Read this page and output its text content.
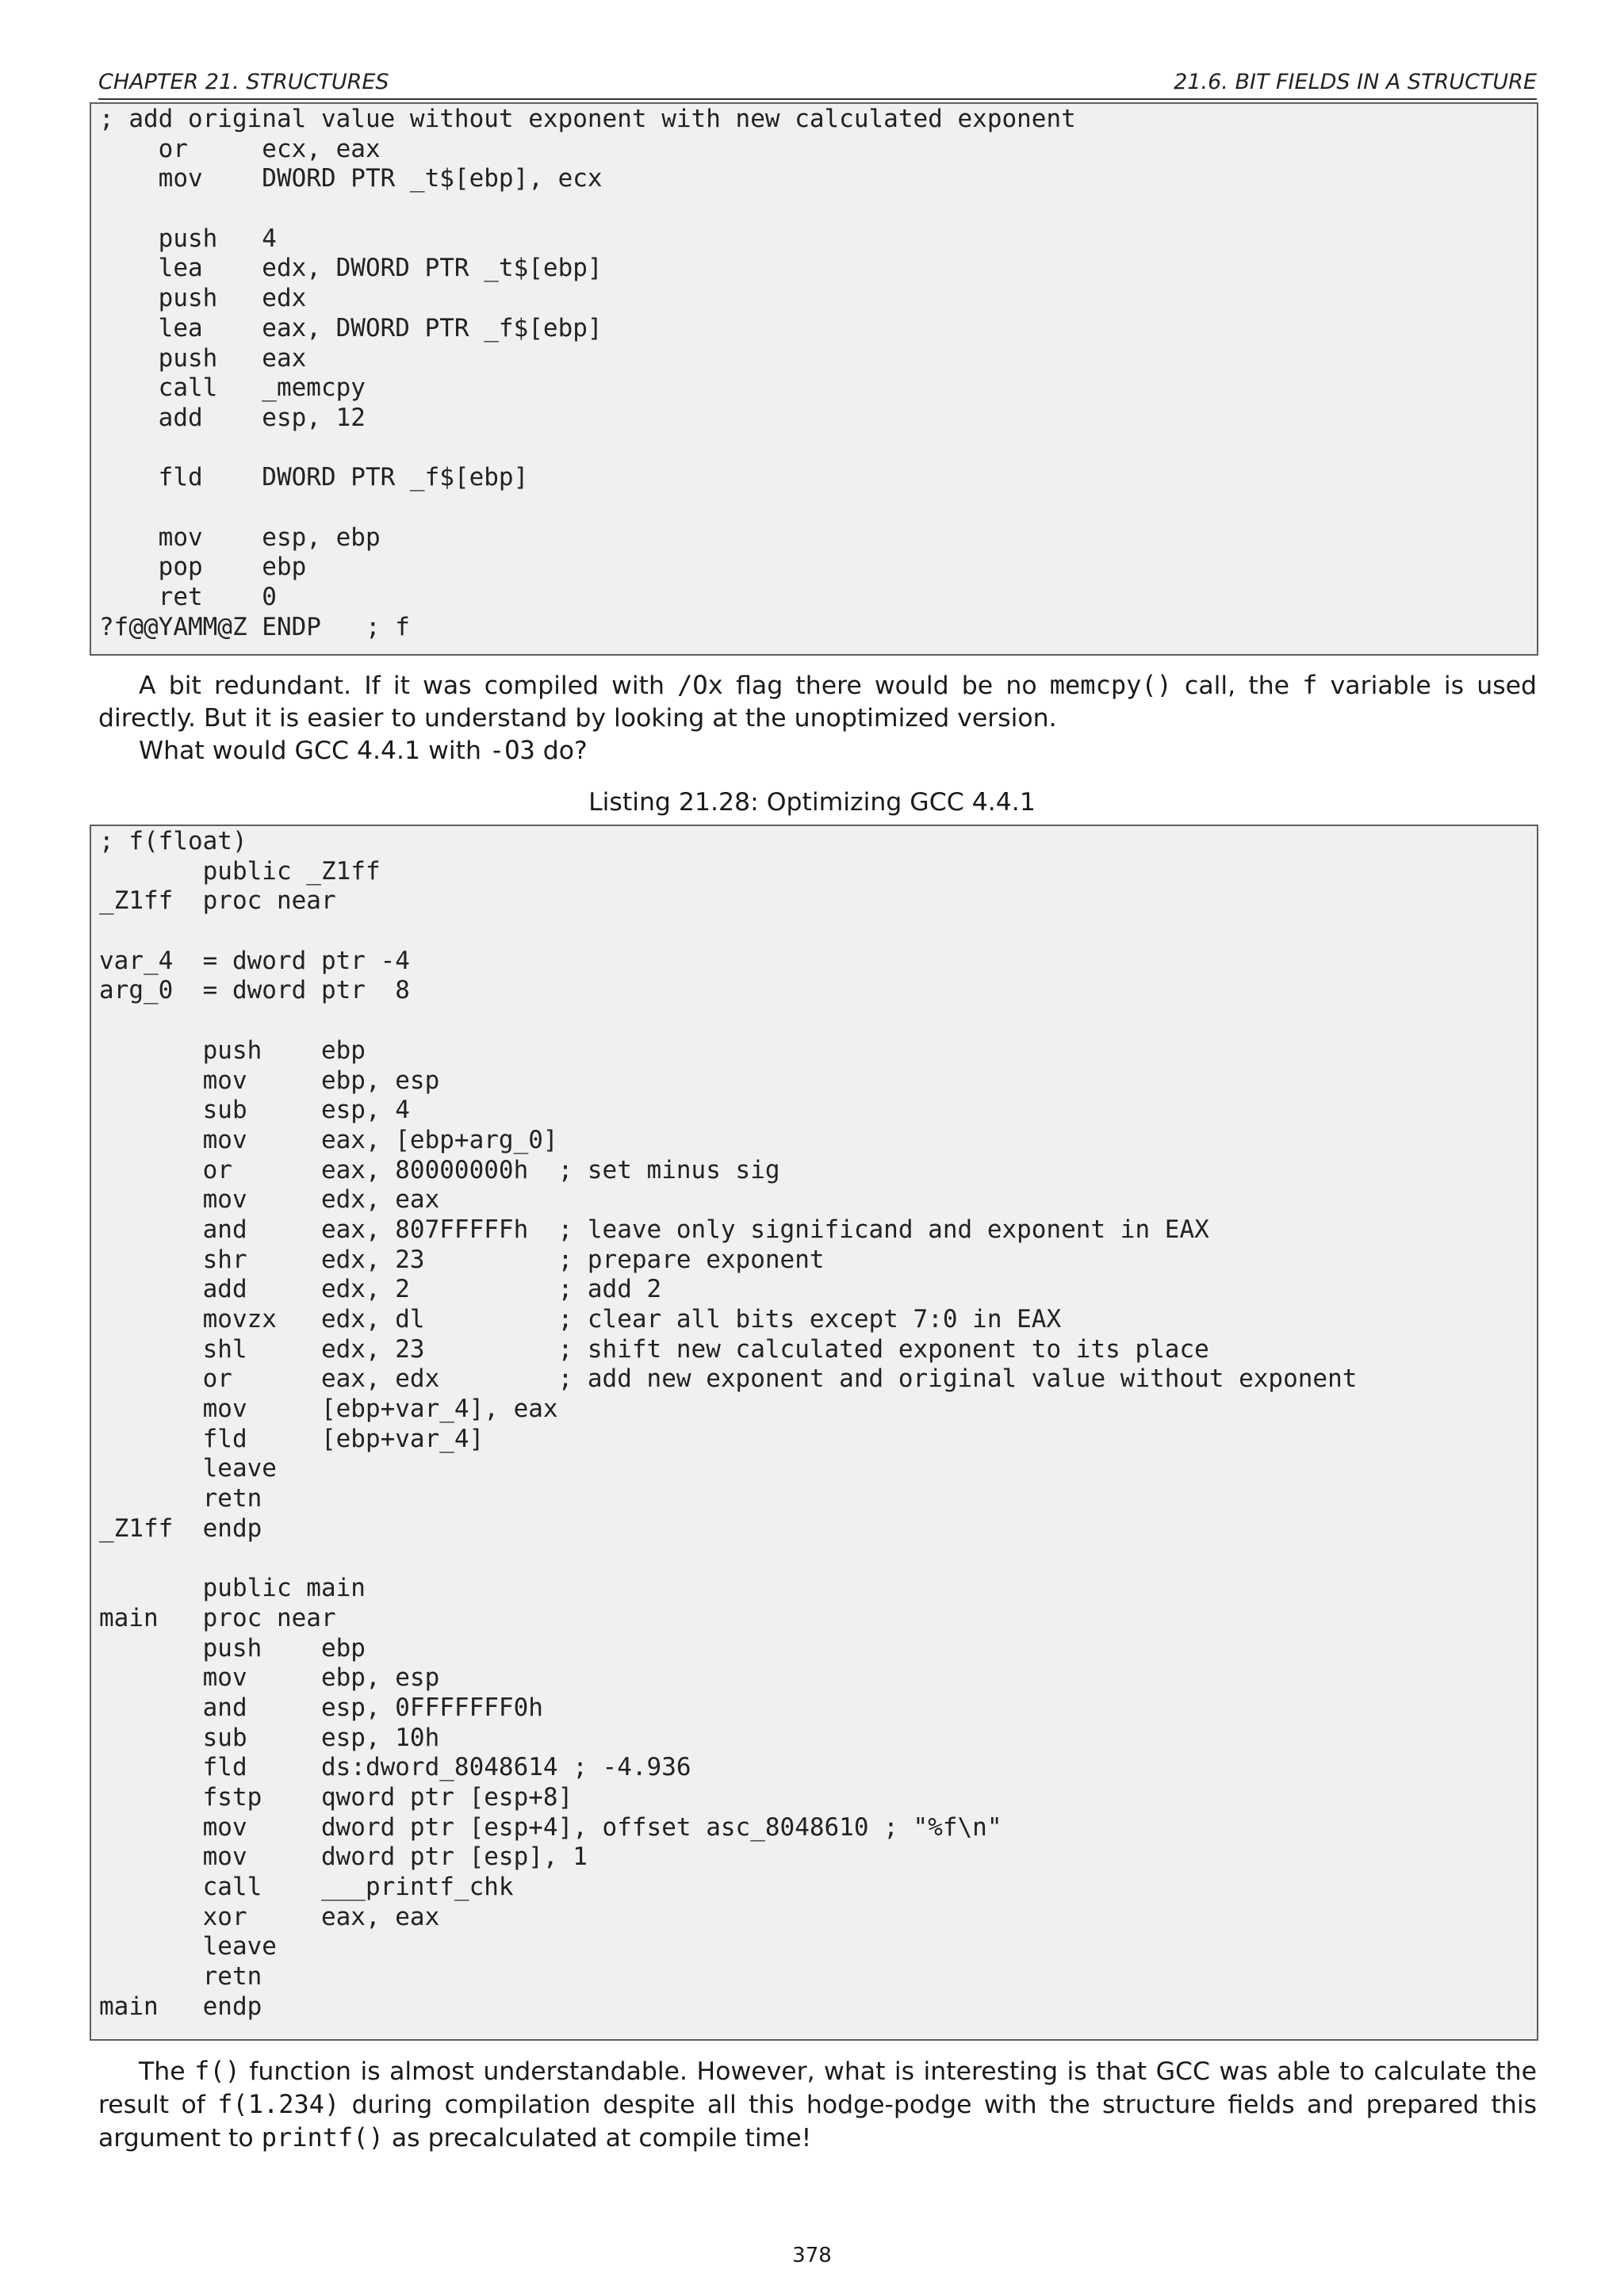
CHAPTER 21. STRUCTURES	21.6. BIT FIELDS IN A STRUCTURE
; add original value without exponent with new calculated exponent
or     ecx, eax
mov    DWORD PTR _t$[ebp], ecx
push   4
lea    edx, DWORD PTR _t$[ebp]
push   edx
lea    eax, DWORD PTR _f$[ebp]
push   eax
call   _memcpy
add    esp, 12
fld    DWORD PTR _f$[ebp]
mov    esp, ebp
pop    ebp
ret    0
?f@@YAMM@Z ENDP   ; f
A bit redundant. If it was compiled with /Ox flag there would be no memcpy() call, the f variable is used directly. But it is easier to understand by looking at the unoptimized version.
What would GCC 4.4.1 with -O3 do?
Listing 21.28: Optimizing GCC 4.4.1
; f(float)
public _Z1ff
_Z1ff  proc near
var_4  = dword ptr -4
arg_0  = dword ptr  8
push    ebp
mov     ebp, esp
sub     esp, 4
mov     eax, [ebp+arg_0]
or      eax, 80000000h  ; set minus sig
mov     edx, eax
and     eax, 807FFFFFh  ; leave only significand and exponent in EAX
shr     edx, 23         ; prepare exponent
add     edx, 2          ; add 2
movzx   edx, dl         ; clear all bits except 7:0 in EAX
shl     edx, 23         ; shift new calculated exponent to its place
or      eax, edx        ; add new exponent and original value without exponent
mov     [ebp+var_4], eax
fld     [ebp+var_4]
leave
retn
_Z1ff  endp
public main
main   proc near
push    ebp
mov     ebp, esp
and     esp, 0FFFFFFF0h
sub     esp, 10h
fld     ds:dword_8048614 ; -4.936
fstp    qword ptr [esp+8]
mov     dword ptr [esp+4], offset asc_8048610 ; "%f\n"
mov     dword ptr [esp], 1
call    ___printf_chk
xor     eax, eax
leave
retn
main   endp
The f() function is almost understandable. However, what is interesting is that GCC was able to calculate the result of f(1.234) during compilation despite all this hodge-podge with the structure fields and prepared this argument to printf() as precalculated at compile time!
378
